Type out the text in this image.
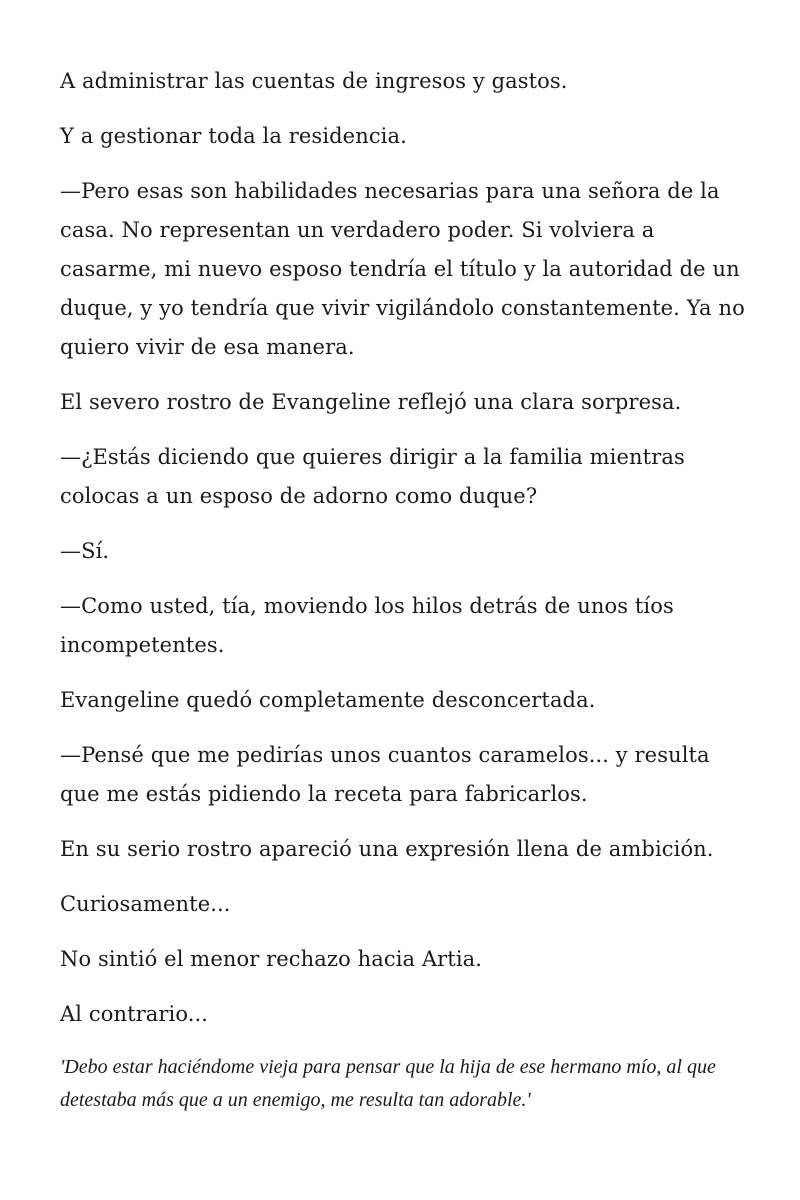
A administrar las cuentas de ingresos y gastos.

Y a gestionar toda la residencia.

—Pero esas son habilidades necesarias para una señora de la casa. No representan un verdadero poder. Si volviera a casarme, mi nuevo esposo tendría el título y la autoridad de un duque, y yo tendría que vivir vigilándolo constantemente. Ya no quiero vivir de esa manera.

El severo rostro de Evangeline reflejó una clara sorpresa.

—¿Estás diciendo que quieres dirigir a la familia mientras colocas a un esposo de adorno como duque?

—Sí.

—Como usted, tía, moviendo los hilos detrás de unos tíos incompetentes.

Evangeline quedó completamente desconcertada.

—Pensé que me pedirías unos cuantos caramelos... y resulta que me estás pidiendo la receta para fabricarlos.

En su serio rostro apareció una expresión llena de ambición.

Curiosamente...

No sintió el menor rechazo hacia Artia.

Al contrario...

'Debo estar haciéndome vieja para pensar que la hija de ese hermano mío, al que detestaba más que a un enemigo, me resulta tan adorable.'
